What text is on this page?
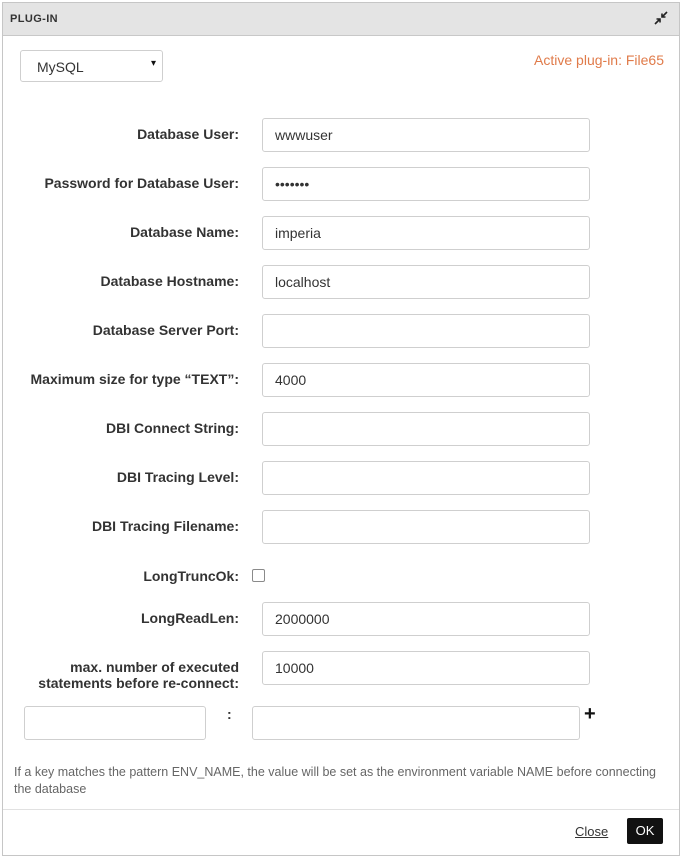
PLUG-IN
MySQL	▾	Active plug-in: File65
Database User:	wwwuser
Password for Database User:	•••••••
Database Name:	imperia
Database Hostname:	localhost
Database Server Port:
Maximum size for type “TEXT”:	4000
DBI Connect String:
DBI Tracing Level:
DBI Tracing Filename:
LongTruncOk:
LongReadLen:	2000000
max. number of executed
statements before re-connect:
10000
:	+
If a key matches the pattern ENV_NAME, the value will be set as the environment variable NAME before connecting the database
Close	OK
